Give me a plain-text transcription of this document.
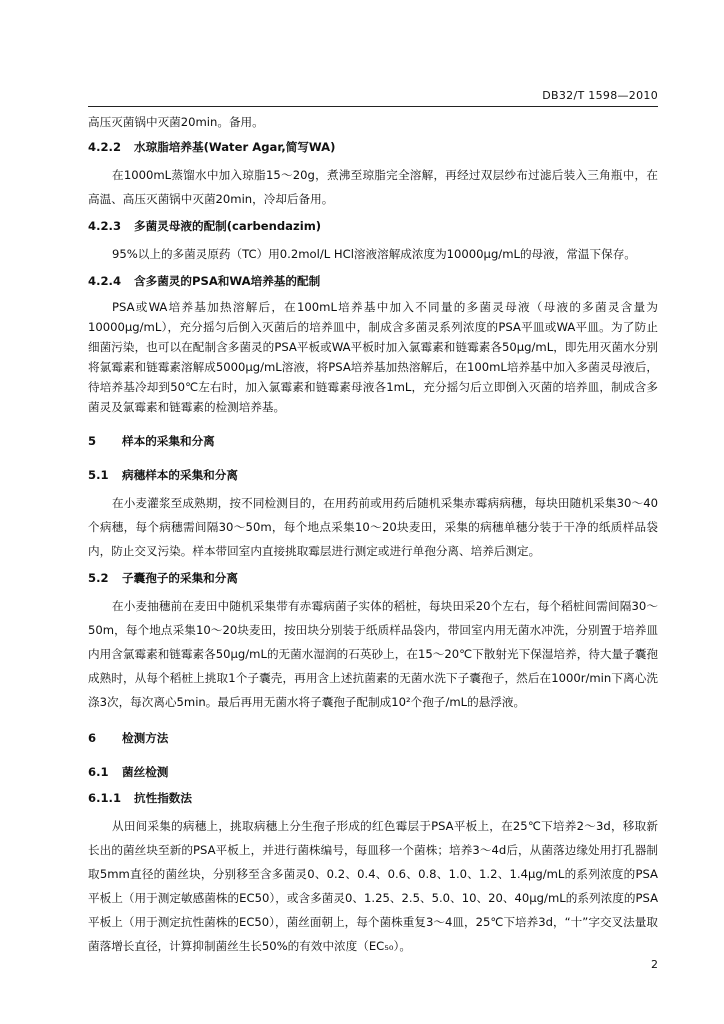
DB32/T 1598—2010
高压灭菌锅中灭菌20min。备用。
4.2.2 水琼脂培养基(Water Agar,简写WA)

在1000mL蒸馏水中加入琼脂15～20g，煮沸至琼脂完全溶解，再经过双层纱布过滤后装入三角瓶中，在高温、高压灭菌锅中灭菌20min，冷却后备用。

4.2.3 多菌灵母液的配制(carbendazim)

95%以上的多菌灵原药（TC）用0.2mol/L HCl溶液溶解成浓度为10000µg/mL的母液，常温下保存。

4.2.4 含多菌灵的PSA和WA培养基的配制

PSA或WA培养基加热溶解后，在100mL培养基中加入不同量的多菌灵母液（母液的多菌灵含量为10000µg/mL），充分摇匀后倒入灭菌后的培养皿中，制成含多菌灵系列浓度的PSA平皿或WA平皿。为了防止细菌污染，也可以在配制含多菌灵的PSA平板或WA平板时加入氯霉素和链霉素各50µg/mL，即先用灭菌水分别将氯霉素和链霉素溶解成5000µg/mL溶液，将PSA培养基加热溶解后，在100mL培养基中加入多菌灵母液后，待培养基冷却到50℃左右时，加入氯霉素和链霉素母液各1mL，充分摇匀后立即倒入灭菌的培养皿，制成含多菌灵及氯霉素和链霉素的检测培养基。

5 样本的采集和分离
5.1 病穗样本的采集和分离

在小麦灌浆至成熟期，按不同检测目的，在用药前或用药后随机采集赤霉病病穗，每块田随机采集30～40个病穗，每个病穗需间隔30～50m，每个地点采集10～20块麦田，采集的病穗单穗分装于干净的纸质样品袋内，防止交叉污染。样本带回室内直接挑取霉层进行测定或进行单孢分离、培养后测定。

5.2 子囊孢子的采集和分离

在小麦抽穗前在麦田中随机采集带有赤霉病菌子实体的稻桩，每块田采20个左右，每个稻桩间需间隔30～50m，每个地点采集10～20块麦田，按田块分别装于纸质样品袋内，带回室内用无菌水冲洗，分别置于培养皿内用含氯霉素和链霉素各50µg/mL的无菌水湿润的石英砂上，在15～20℃下散射光下保湿培养，待大量子囊孢成熟时，从每个稻桩上挑取1个子囊壳，再用含上述抗菌素的无菌水洗下子囊孢子，然后在1000r/min下离心洗涤3次，每次离心5min。最后再用无菌水将子囊孢子配制成10²个孢子/mL的悬浮液。

6 检测方法
6.1 菌丝检测
6.1.1 抗性指数法

从田间采集的病穗上，挑取病穗上分生孢子形成的红色霉层于PSA平板上，在25℃下培养2～3d，移取新长出的菌丝块至新的PSA平板上，并进行菌株编号，每皿移一个菌株；培养3～4d后，从菌落边缘处用打孔器制取5mm直径的菌丝块，分别移至含多菌灵0、0.2、0.4、0.6、0.8、1.0、1.2、1.4µg/mL的系列浓度的PSA平板上（用于测定敏感菌株的EC50），或含多菌灵0、1.25、2.5、5.0、10、20、40µg/mL的系列浓度的PSA平板上（用于测定抗性菌株的EC50），菌丝面朝上，每个菌株重复3～4皿，25℃下培养3d，“十”字交叉法量取菌落增长直径，计算抑制菌丝生长50%的有效中浓度（EC₅₀）。

2
